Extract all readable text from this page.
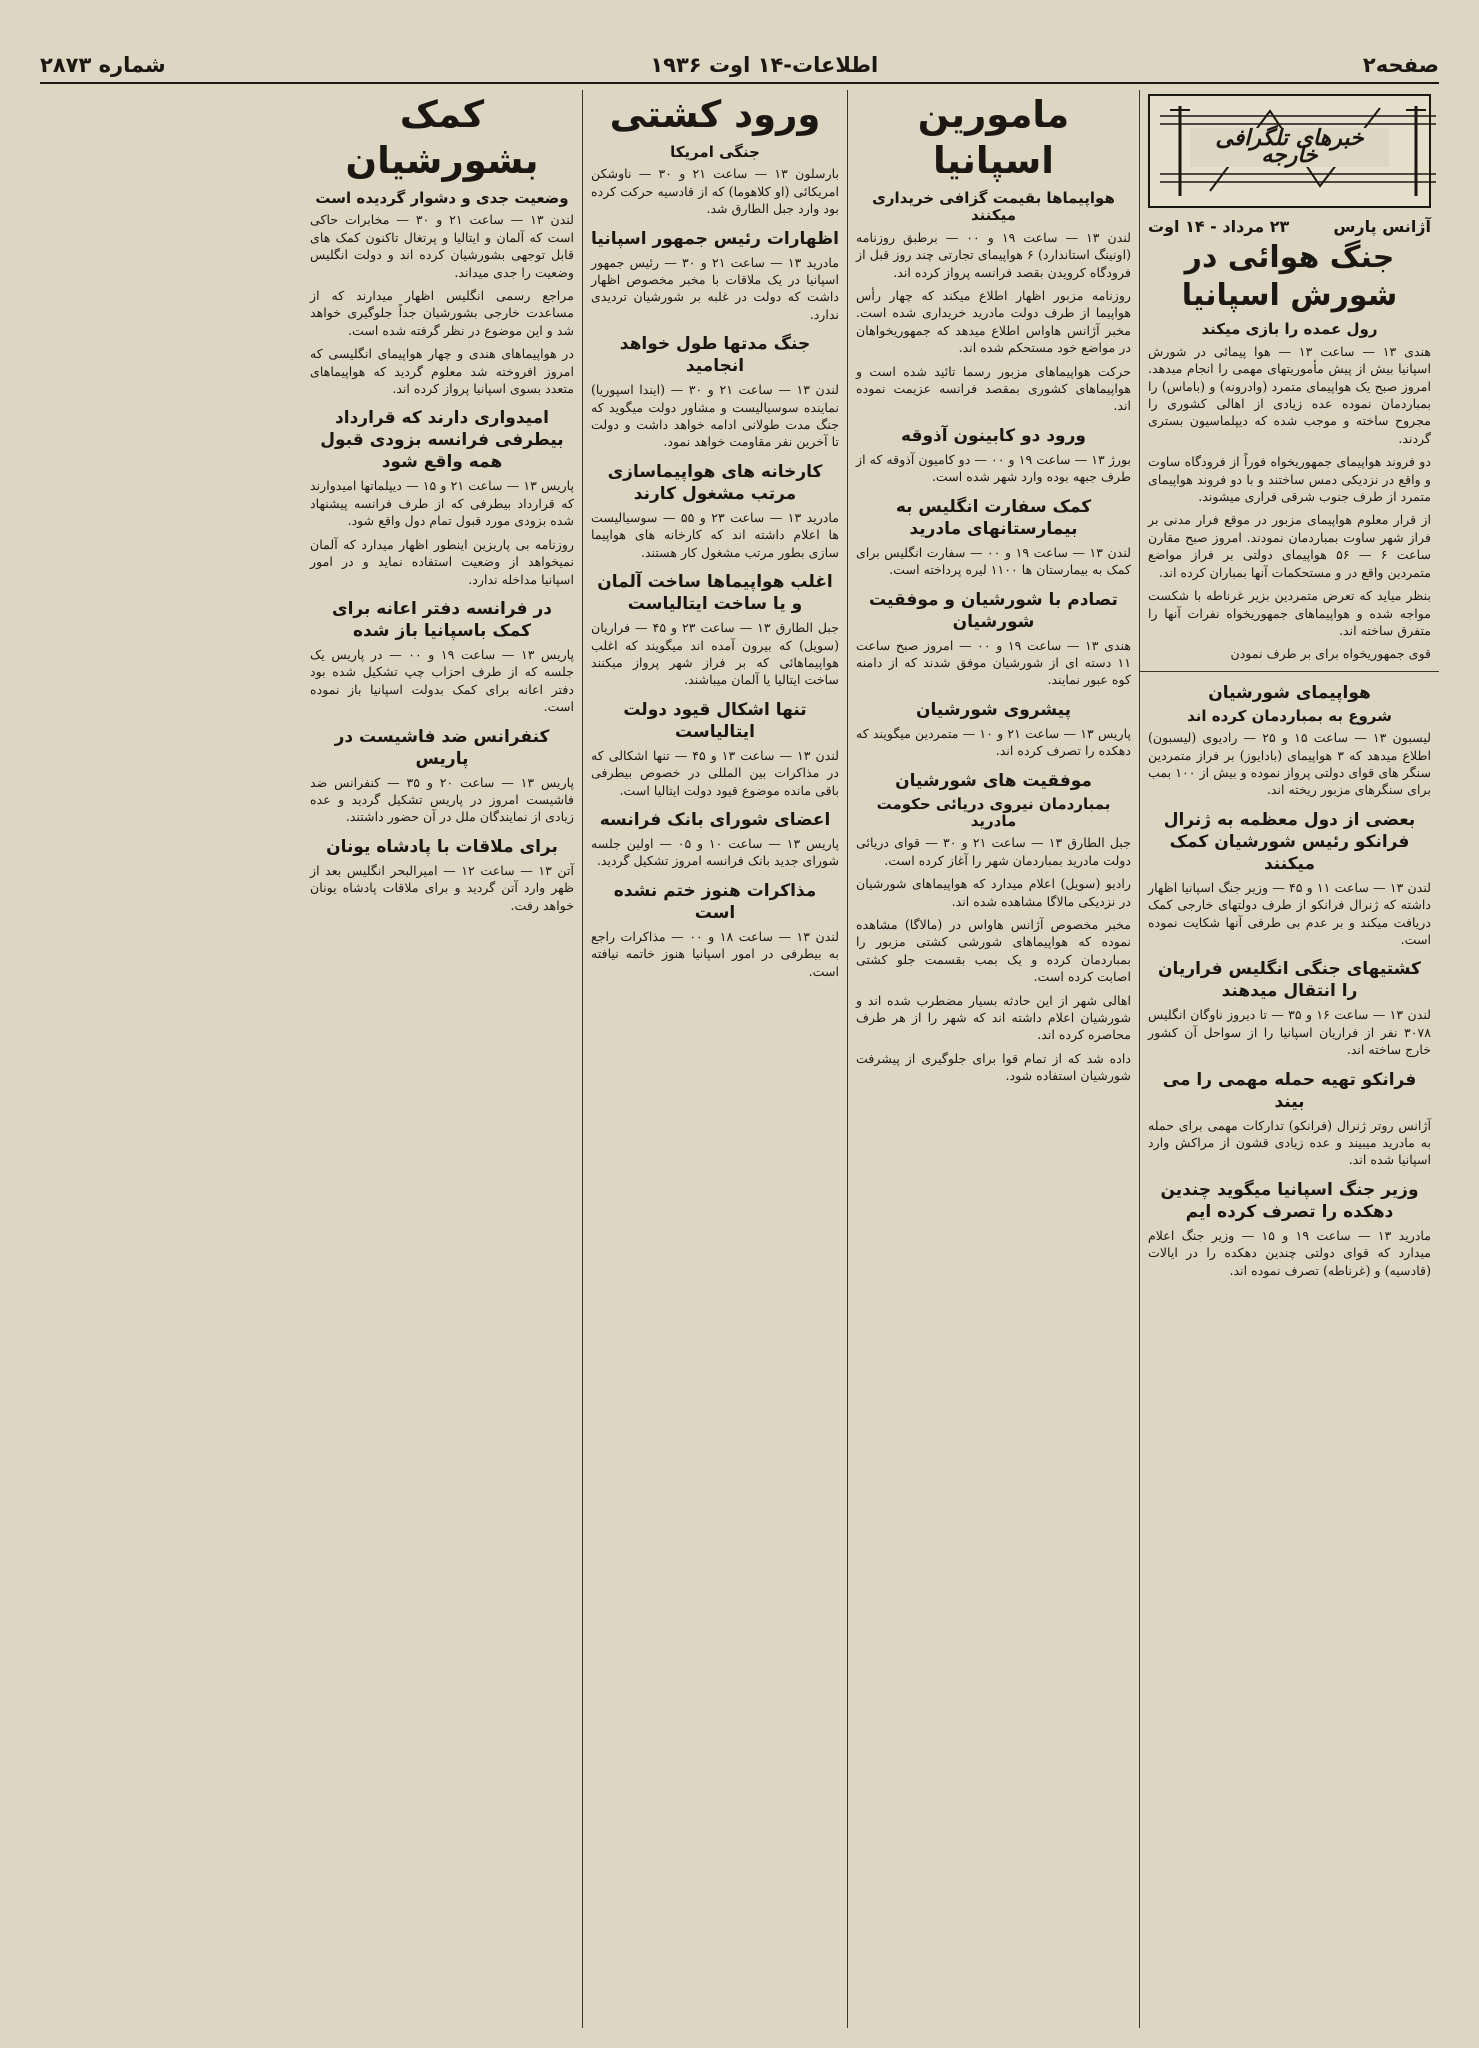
صفحه۲
اطلاعات-۱۴ اوت ۱۹۳۶
شماره ۲۸۷۳
خبرهای تلگرافی خارجه
آژانس پارس
۲۳ مرداد - ۱۴ اوت
جنگ هوائی در شورش اسپانیا
رول عمده را بازی میکند

هندی ۱۳ — ساعت ۱۳ — هوا پیمائی در شورش اسپانیا بیش از پیش مأموریتهای مهمی را انجام میدهد. امروز صبح یک هواپیمای متمرد (وادرونه) و (باماس) را بمباردمان نموده عده زیادی از اهالی کشوری را مجروح ساخته و موجب شده که دیپلماسیون بستری گردند.

دو فروند هواپیمای جمهوریخواه فوراً از فرودگاه ساوت و واقع در نزدیکی دمس ساختند و با دو فروند هواپیمای متمرد از طرف جنوب شرقی فراری میشوند.

از قرار معلوم هواپیمای مزبور در موقع فرار مدنی بر فراز شهر ساوت بمباردمان نمودند. امروز صبح مقارن ساعت ۶ — ۵۶ هواپیمای دولتی بر فراز مواضع متمردین واقع در و مستحکمات آنها بمباران کرده اند.

بنظر میاید که تعرض متمردین بزیر غرناطه با شکست مواجه شده و هواپیماهای جمهوریخواه نفرات آنها را متفرق ساخته اند.

قوی جمهوریخواه برای بر طرف نمودن

هواپیمای شورشیان
شروع به بمباردمان کرده اند

لیسبون ۱۳ — ساعت ۱۵ و ۲۵ — رادیوی (لیسبون) اطلاع میدهد که ۳ هواپیمای (بادایوز) بر فراز متمردین سنگر های قوای دولتی پرواز نموده و بیش از ۱۰۰ بمب برای سنگرهای مزبور ریخته اند.

بعضی از دول معظمه به ژنرال فرانکو رئیس شورشیان کمک میکنند

لندن ۱۳ — ساعت ۱۱ و ۴۵ — وزیر جنگ اسپانیا اظهار داشته که ژنرال فرانکو از طرف دولتهای خارجی کمک دریافت میکند و بر عدم بی طرفی آنها شکایت نموده است.

کشتیهای جنگی انگلیس فراریان را انتقال میدهند

لندن ۱۳ — ساعت ۱۶ و ۳۵ — تا دیروز ناوگان انگلیس ۳۰۷۸ نفر از فراریان اسپانیا را از سواحل آن کشور خارج ساخته اند.

فرانکو تهیه حمله مهمی را می بیند

آژانس روتر ژنرال (فرانکو) تدارکات مهمی برای حمله به مادرید میبیند و عده زیادی قشون از مراکش وارد اسپانیا شده اند.

وزیر جنگ اسپانیا میگوید چندین دهکده را تصرف کرده ایم

مادرید ۱۳ — ساعت ۱۹ و ۱۵ — وزیر جنگ اعلام میدارد که قوای دولتی چندین دهکده را در ایالات (قادسیه) و (غرناطه) تصرف نموده اند.

مامورین اسپانیا
هواپیماها بقیمت گزافی خریداری میکنند

لندن ۱۳ — ساعت ۱۹ و ۰۰ — برطبق روزنامه (اونینگ استاندارد) ۶ هواپیمای تجارتی چند روز قبل از فرودگاه کرویدن بقصد فرانسه پرواز کرده اند.

روزنامه مزبور اظهار اطلاع میکند که چهار رأس هواپیما از طرف دولت مادرید خریداری شده است. مخبر آژانس هاواس اطلاع میدهد که جمهوریخواهان در مواضع خود مستحکم شده اند.

حرکت هواپیماهای مزبور رسما تائید شده است و هواپیماهای کشوری بمقصد فرانسه عزیمت نموده اند.

ورود دو کابینون آذوقه

بورژ ۱۳ — ساعت ۱۹ و ۰۰ — دو کامیون آذوقه که از طرف جبهه بوده وارد شهر شده است.

کمک سفارت انگلیس به بیمارستانهای مادرید

لندن ۱۳ — ساعت ۱۹ و ۰۰ — سفارت انگلیس برای کمک به بیمارستان ها ۱۱۰۰ لیره پرداخته است.

تصادم با شورشیان و موفقیت شورشیان

هندی ۱۳ — ساعت ۱۹ و ۰۰ — امروز صبح ساعت ۱۱ دسته ای از شورشیان موفق شدند که از دامنه کوه عبور نمایند.

پیشروی شورشیان

پاریس ۱۳ — ساعت ۲۱ و ۱۰ — متمردین میگویند که دهکده را تصرف کرده اند.

موفقیت های شورشیان
بمباردمان نیروی دریائی حکومت مادرید

جبل الطارق ۱۳ — ساعت ۲۱ و ۳۰ — قوای دریائی دولت مادرید بمباردمان شهر را آغاز کرده است.

رادیو (سویل) اعلام میدارد که هواپیماهای شورشیان در نزدیکی مالاگا مشاهده شده اند.

مخبر مخصوص آژانس هاواس در (مالاگا) مشاهده نموده که هواپیماهای شورشی کشتی مزبور را بمباردمان کرده و یک بمب بقسمت جلو کشتی اصابت کرده است.

اهالی شهر از این حادثه بسیار مضطرب شده اند و شورشیان اعلام داشته اند که شهر را از هر طرف محاصره کرده اند.

داده شد که از تمام قوا برای جلوگیری از پیشرفت شورشیان استفاده شود.

ورود کشتی
جنگی امریکا

بارسلون ۱۳ — ساعت ۲۱ و ۳۰ — ناوشکن امریکائی (او کلاهوما) که از قادسیه حرکت کرده بود وارد جبل الطارق شد.

اظهارات رئیس جمهور اسپانیا

مادرید ۱۳ — ساعت ۲۱ و ۳۰ — رئیس جمهور اسپانیا در یک ملاقات با مخبر مخصوص اظهار داشت که دولت در غلبه بر شورشیان تردیدی ندارد.

جنگ مدتها طول خواهد انجامید

لندن ۱۳ — ساعت ۲۱ و ۳۰ — (ایندا اسپوریا) نماینده سوسیالیست و مشاور دولت میگوید که جنگ مدت طولانی ادامه خواهد داشت و دولت تا آخرین نفر مقاومت خواهد نمود.

کارخانه های هواپیماسازی مرتب مشغول کارند

مادرید ۱۳ — ساعت ۲۳ و ۵۵ — سوسیالیست ها اعلام داشته اند که کارخانه های هواپیما سازی بطور مرتب مشغول کار هستند.

اغلب هواپیماها ساخت آلمان و یا ساخت ایتالیاست

جبل الطارق ۱۳ — ساعت ۲۳ و ۴۵ — فراریان (سویل) که بیرون آمده اند میگویند که اغلب هواپیماهائی که بر فراز شهر پرواز میکنند ساخت ایتالیا یا آلمان میباشند.

تنها اشکال قیود دولت ایتالیاست

لندن ۱۳ — ساعت ۱۳ و ۴۵ — تنها اشکالی که در مذاکرات بین المللی در خصوص بیطرفی باقی مانده موضوع قیود دولت ایتالیا است.

اعضای شورای بانک فرانسه

پاریس ۱۳ — ساعت ۱۰ و ۰۵ — اولین جلسه شورای جدید بانک فرانسه امروز تشکیل گردید.

مذاکرات هنوز ختم نشده است

لندن ۱۳ — ساعت ۱۸ و ۰۰ — مذاکرات راجع به بیطرفی در امور اسپانیا هنوز خاتمه نیافته است.

کمک بشورشیان
وضعیت جدی و دشوار گردیده است

لندن ۱۳ — ساعت ۲۱ و ۳۰ — مخابرات حاکی است که آلمان و ایتالیا و پرتغال تاکنون کمک های قابل توجهی بشورشیان کرده اند و دولت انگلیس وضعیت را جدی میداند.

مراجع رسمی انگلیس اظهار میدارند که از مساعدت خارجی بشورشیان جداً جلوگیری خواهد شد و این موضوع در نظر گرفته شده است.

در هواپیماهای هندی و چهار هواپیمای انگلیسی که امروز افروخته شد معلوم گردید که هواپیماهای متعدد بسوی اسپانیا پرواز کرده اند.

امیدواری دارند که قرارداد بیطرفی فرانسه بزودی قبول همه واقع شود

پاریس ۱۳ — ساعت ۲۱ و ۱۵ — دیپلماتها امیدوارند که قرارداد بیطرفی که از طرف فرانسه پیشنهاد شده بزودی مورد قبول تمام دول واقع شود.

روزنامه بی پاریزین اینطور اظهار میدارد که آلمان نمیخواهد از وضعیت استفاده نماید و در امور اسپانیا مداخله ندارد.

در فرانسه دفتر اعانه برای کمک باسپانیا باز شده

پاریس ۱۳ — ساعت ۱۹ و ۰۰ — در پاریس یک جلسه که از طرف احزاب چپ تشکیل شده بود دفتر اعانه برای کمک بدولت اسپانیا باز نموده است.

کنفرانس ضد فاشیست در پاریس

پاریس ۱۳ — ساعت ۲۰ و ۳۵ — کنفرانس ضد فاشیست امروز در پاریس تشکیل گردید و عده زیادی از نمایندگان ملل در آن حضور داشتند.

برای ملاقات با پادشاه یونان

آتن ۱۳ — ساعت ۱۲ — امیرالبحر انگلیس بعد از ظهر وارد آتن گردید و برای ملاقات پادشاه یونان خواهد رفت.
